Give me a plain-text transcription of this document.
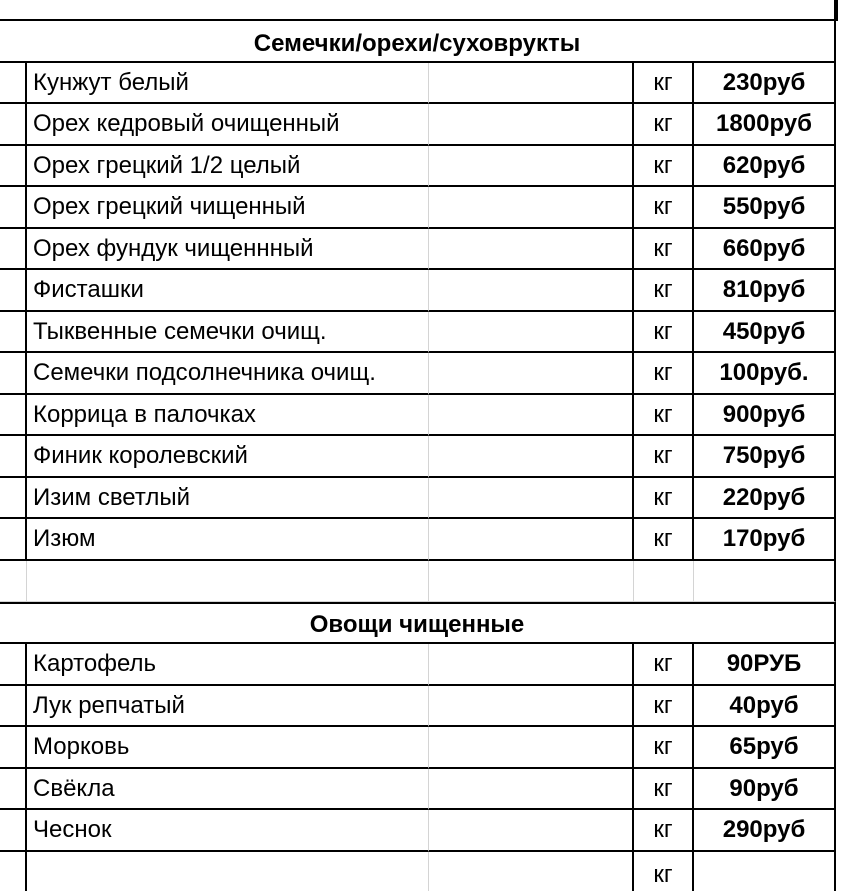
Семечки/орехи/суховрукты
Кунжут белый	кг	230руб
Орех кедровый очищенный	кг	1800руб
Орех грецкий 1/2 целый	кг	620руб
Орех грецкий чищенный	кг	550руб
Орех фундук чищеннный	кг	660руб
Фисташки	кг	810руб
Тыквенные семечки очищ.	кг	450руб
Семечки подсолнечника очищ.	кг	100руб.
Коррица в палочках	кг	900руб
Финик королевский	кг	750руб
Изим светлый	кг	220руб
Изюм	кг	170руб
Овощи чищенные
Картофель	кг	90РУБ
Лук репчатый	кг	40руб
Морковь	кг	65руб
Свёкла	кг	90руб
Чеснок	кг	290руб
кг
